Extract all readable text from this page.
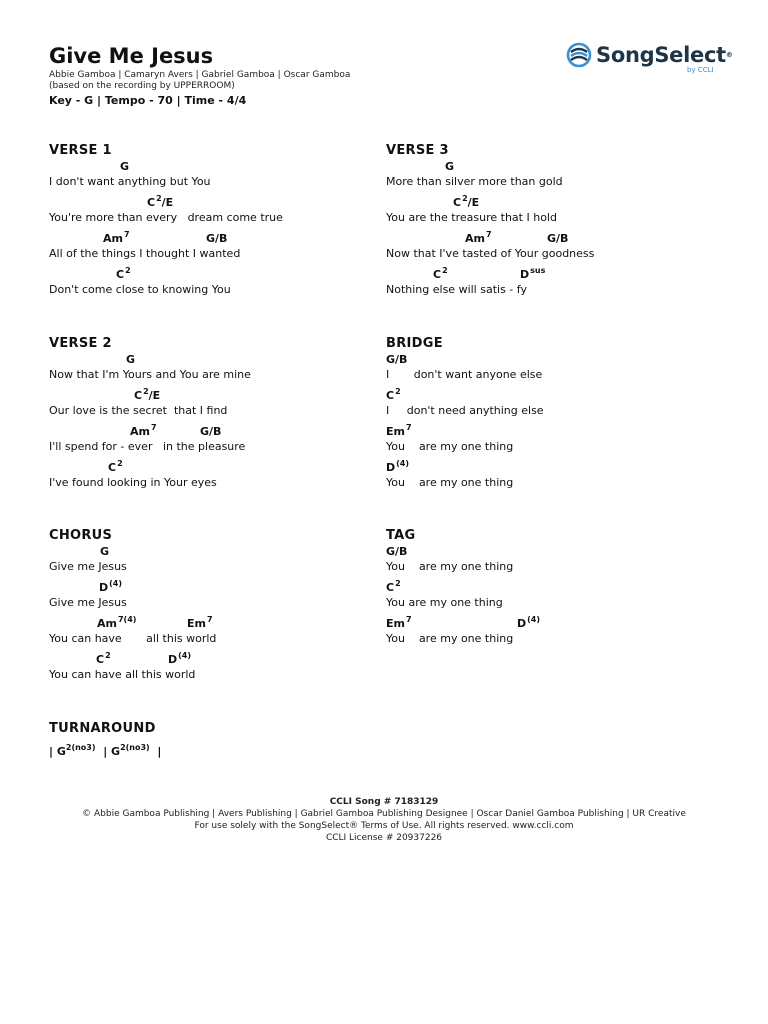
Give Me Jesus
Abbie Gamboa | Camaryn Avers | Gabriel Gamboa | Oscar Gamboa
(based on the recording by UPPERROOM)
Key - G | Tempo - 70 | Time - 4/4
SongSelect®
by CCLI
VERSE 1
G
I don't want anything but You
$C^2/E$
You're more than every   dream come true
Am$^7$	G/B
All of the things I thought I wanted
$C^2$
Don't come close to knowing You
VERSE 2
G
Now that I'm Yours and You are mine
$C^2/E$
Our love is the secret  that I find
Am$^7$	G/B
I'll spend for - ever   in the pleasure
$C^2$
I've found looking in Your eyes
CHORUS
G
Give me Jesus
$D^{(4)}$
Give me Jesus
$Am^{7(4)}$	Em$^7$
You can have       all this world
$C^2$	$D^{(4)}$
You can have all this world
TURNAROUND
| $G^{2(no3)}$  | $G^{2(no3)}$  |
VERSE 3
G
More than silver more than gold
$C^2/E$
You are the treasure that I hold
Am$^7$	G/B
Now that I've tasted of Your goodness
$C^2$	$D^{sus}$
Nothing else will satis - fy
BRIDGE
G/B
I       don't want anyone else
$C^2$
I     don't need anything else
Em$^7$
You    are my one thing
$D^{(4)}$
You    are my one thing
TAG
G/B
You    are my one thing
$C^2$
You are my one thing
Em$^7$	$D^{(4)}$
You    are my one thing
CCLI Song # 7183129
© Abbie Gamboa Publishing | Avers Publishing | Gabriel Gamboa Publishing Designee | Oscar Daniel Gamboa Publishing | UR Creative
For use solely with the SongSelect® Terms of Use. All rights reserved. www.ccli.com
CCLI License # 20937226
